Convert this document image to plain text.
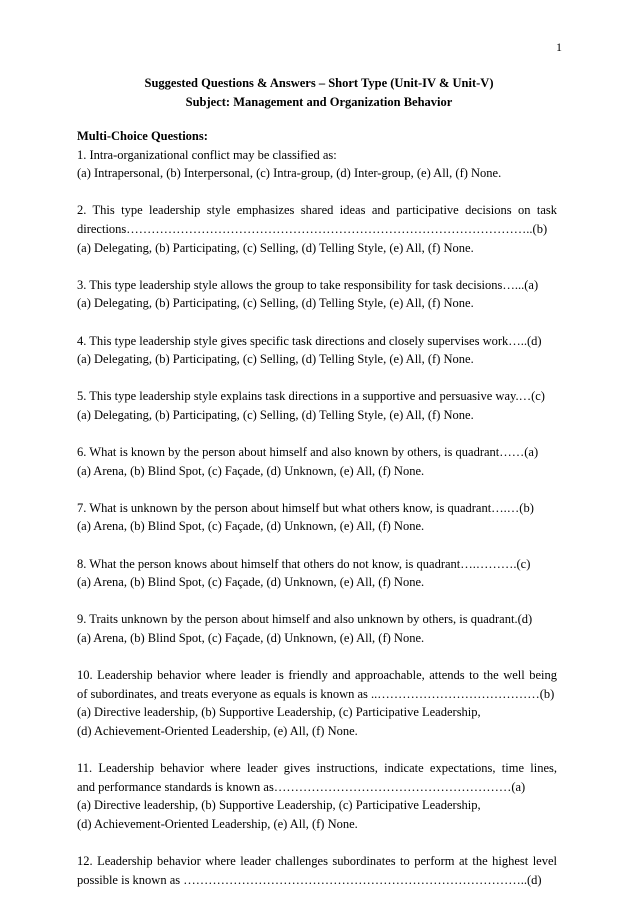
1
Suggested Questions & Answers – Short Type (Unit-IV & Unit-V)
Subject: Management and Organization Behavior

Multi-Choice Questions:

1. Intra-organizational conflict may be classified as:

(a) Intrapersonal, (b) Interpersonal, (c) Intra-group, (d) Inter-group, (e) All, (f) None.

2. This type leadership style emphasizes shared ideas and participative decisions on task

directions……………………………………………………………………………………..(b)

(a) Delegating, (b) Participating, (c) Selling, (d) Telling Style, (e) All, (f) None.

3. This type leadership style allows the group to take responsibility for task decisions…...(a)

(a) Delegating, (b) Participating, (c) Selling, (d) Telling Style, (e) All, (f) None.

4. This type leadership style gives specific task directions and closely supervises work…..(d)

(a) Delegating, (b) Participating, (c) Selling, (d) Telling Style, (e) All, (f) None.

5. This type leadership style explains task directions in a supportive and persuasive way.…(c)

(a) Delegating, (b) Participating, (c) Selling, (d) Telling Style, (e) All, (f) None.

6. What is known by the person about himself and also known by others, is quadrant……(a)

(a) Arena, (b) Blind Spot, (c) Façade, (d) Unknown, (e) All, (f) None.

7. What is unknown by the person about himself but what others know, is quadrant….…(b)

(a) Arena, (b) Blind Spot, (c) Façade, (d) Unknown, (e) All, (f) None.

8. What the person knows about himself that others do not know, is quadrant….……….(c)

(a) Arena, (b) Blind Spot, (c) Façade, (d) Unknown, (e) All, (f) None.

9. Traits unknown by the person about himself and also unknown by others, is quadrant.(d)

(a) Arena, (b) Blind Spot, (c) Façade, (d) Unknown, (e) All, (f) None.

10. Leadership behavior where leader is friendly and approachable, attends to the well being

of subordinates, and treats everyone as equals is known as ..…………………………………(b)

(a) Directive leadership, (b) Supportive Leadership, (c) Participative Leadership,

(d) Achievement-Oriented Leadership, (e) All, (f) None.

11. Leadership behavior where leader gives instructions, indicate expectations, time lines,

and performance standards is known as…………………………………………………(a)

(a) Directive leadership, (b) Supportive Leadership, (c) Participative Leadership,

(d) Achievement-Oriented Leadership, (e) All, (f) None.

12. Leadership behavior where leader challenges subordinates to perform at the highest level

possible is known as ………………………………………………………………………..(d)
